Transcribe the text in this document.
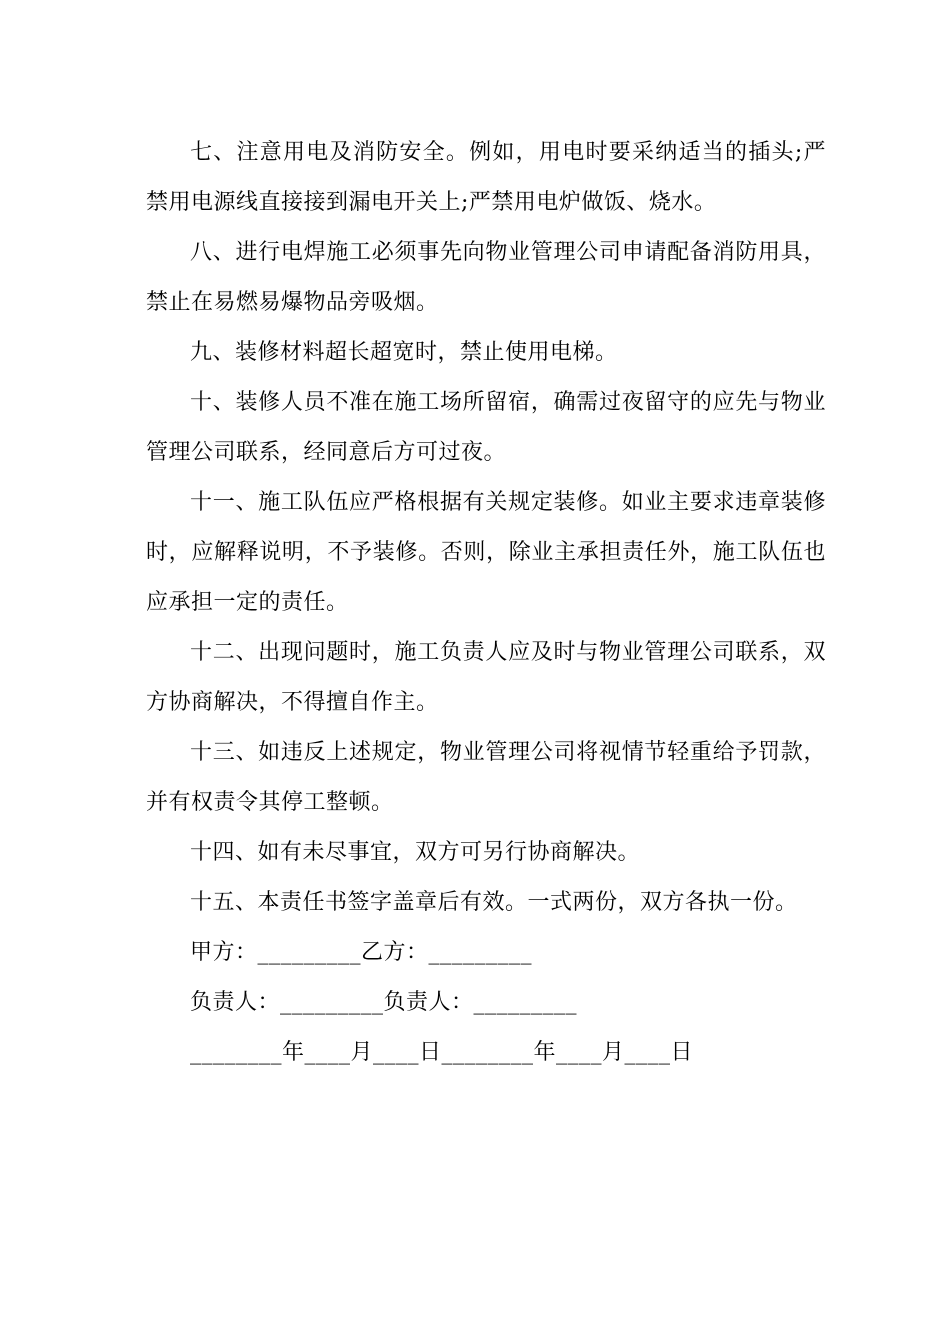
七、注意用电及消防安全。例如，用电时要采纳适当的插头;严禁用电源线直接接到漏电开关上;严禁用电炉做饭、烧水。

八、进行电焊施工必须事先向物业管理公司申请配备消防用具，禁止在易燃易爆物品旁吸烟。

九、装修材料超长超宽时，禁止使用电梯。

十、装修人员不准在施工场所留宿，确需过夜留守的应先与物业管理公司联系，经同意后方可过夜。

十一、施工队伍应严格根据有关规定装修。如业主要求违章装修时，应解释说明，不予装修。否则，除业主承担责任外，施工队伍也应承担一定的责任。

十二、出现问题时，施工负责人应及时与物业管理公司联系，双方协商解决，不得擅自作主。

十三、如违反上述规定，物业管理公司将视情节轻重给予罚款，并有权责令其停工整顿。

十四、如有未尽事宜，双方可另行协商解决。

十五、本责任书签字盖章后有效。一式两份，双方各执一份。

甲方：_________乙方：_________

负责人：_________负责人：_________

________年____月____日________年____月____日
